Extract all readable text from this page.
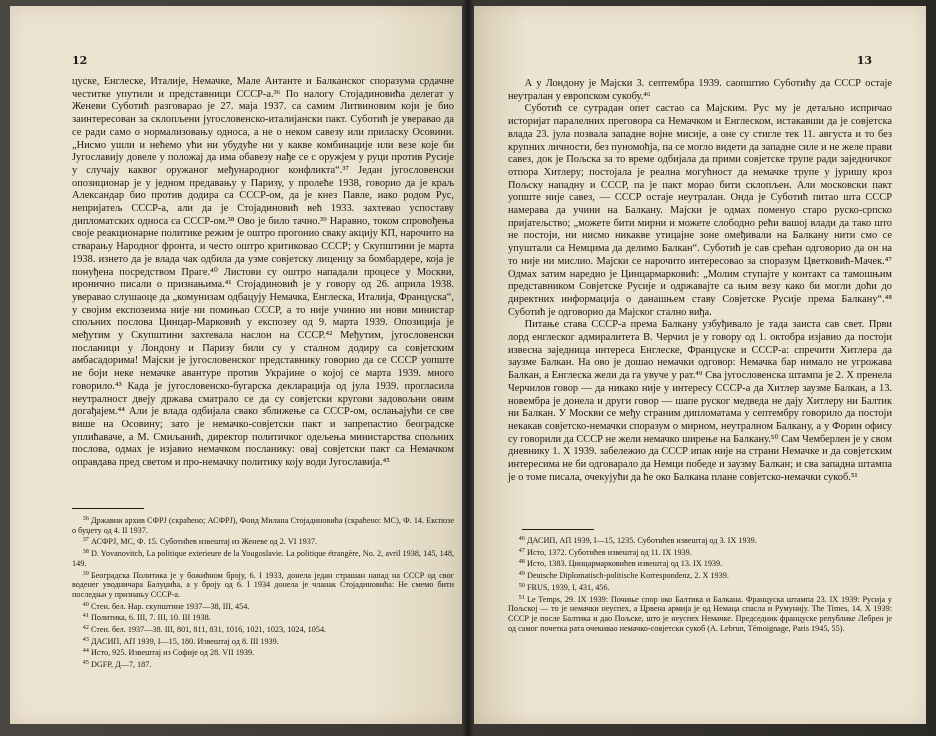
12

цуске, Енглеске, Италије, Немачке, Мале Антанте и Балканског споразума срдачне честитке упутили и представници СССР-а.³⁶ По налогу Стојадиновића делегат у Женеви Суботић разговарао је 27. маја 1937. са самим Литвиновим који је био заинтересован за склопљени југословенско-италијански пакт. Суботић је уверавао да се ради само о нормализовању односа, а не о неком савезу или приласку Осовини. „Нисмо ушли и нећемо ући ни убудуће ни у какве комбинације или везе које би Југославију довеле у положај да има обавезу нађе се с оружјем у руци против Русије у случају каквог оружаног међународног конфликта“.³⁷ Један југословенски опозиционар је у једном предавању у Паризу, у пролеће 1938, говорио да је краљ Александар био против додира са СССР-ом, да је кнез Павле, иако родом Рус, непријатељ СССР-а, али да је Стојадиновић већ 1933. захтевао успоставу дипломатских односа са СССР-ом.³⁸ Ово је било тачно.³⁹ Наравно, током спровођења своје реакционарне политике режим је оштро прогонио сваку акцију КП, нарочито на стварању Народног фронта, и често оштро критиковао СССР; у Скупштини је марта 1938. изнето да је влада чак одбила да узме совјетску лиценцу за бомбардере, која је понуђена посредством Праге.⁴⁰ Листови су оштро нападали процесе у Москви, иронично писали о признањима.⁴¹ Стојадиновић је у говору од 26. априла 1938. уверавао слушаоце да „комунизам одбацују Немачка, Енглеска, Италија, Француска“, у својим експозеима није ни помињао СССР, а то није учинио ни нови министар спољних послова Цинцар-Марковић у експозеу од 9. марта 1939. Опозиција је међутим у Скупштини захтевала наслон на СССР.⁴² Међутим, југословенски посланици у Лондону и Паризу били су у сталном додиру са совјетским амбасадорима! Мајски је југословенског представнику говорио да се СССР уопште не боји неке немачке авантуре против Украјине о којој се марта 1939. много говорило.⁴³ Када је југословенско-бугарска декларација од јула 1939. прогласила неутралност двеју држава сматрало се да су совјетски кругови задовољни овим догађајем.⁴⁴ Али је влада одбијала свако зближење са СССР-ом, ослањајући се све више на Осовину; зато је немачко-совјетски пакт и запрепастио београдске уплићаваче, а М. Смиљанић, директор политичког одељења министарства спољних послова, одмах је изјавио немачком посланику: овај совјетски пакт са Немачком оправдава пред светом и про-немачку политику коју води Југославија.⁴⁵

$^{36}$ Државни архив СФРЈ (скраћено; АСФРЈ), Фонд Милана Стојадиновића (скраћено: МС), Ф. 14. Експозе о буџету од 4. II 1937.
$^{37}$ АСФРЈ, МС, Ф. 15. Суботићев извештај из Женеве од 2. VI 1937.
$^{38}$ D. Yovanovitch, La politique exterieure de la Yougoslavie. La politique étrangère, No. 2, avril 1938, 145, 148, 149.
$^{39}$ Београдска Политика је у божићном броју, 6. I 1933, донела један страшан напад на СССР од свог воденег уводничара Балуџића, а у броју од 6. I 1934 донела је чланак Стојадиновића: Не смемо бити последњи у признању СССР-а.
$^{40}$ Стен. бел. Нар. скупштине 1937—38, III, 454.
$^{41}$ Политика, 6. III, 7. III, 10. III 1938.
$^{42}$ Стен. бел. 1937—38. III, 801, 811, 831, 1016, 1021, 1023, 1024, 1054.
$^{43}$ ДАСИП, АП 1939, I—15, 180. Извештај од 8. III 1939.
$^{44}$ Исто, 925. Извештај из Софије од 28. VII 1939.
$^{45}$ DGFP, Д—7, 187.
13

А у Лондону је Мајски 3. септембра 1939. саопштио Суботићу да СССР остаје неутралан у европском сукобу.⁴⁶

Суботић се сутрадан опет састао са Мајским. Рус му је детаљно испричао историјат паралелних преговора са Немачком и Енглеском, истакавши да је совјетска влада 23. јула позвала западне војне мисије, а оне су стигле тек 11. августа и то без крупних личности, без пуномоћја, па се могло видети да западне силе и не желе прави савез, док је Пољска за то време одбијала да прими совјетске трупе ради заједничког отпора Хитлеру; постојала је реална могућност да немачке трупе у јуришу кроз Пољску нападну и СССР, па је пакт морао бити склопљен. Али московски пакт уопште није савез, — СССР остаје неутралан. Онда је Суботић питао шта СССР намерава да учини на Балкану. Мајски је одмах поменуо старо руско-српско пријатељство; „можете бити мирни и можете слободно рећи вашој влади да тако што не постоји, ни нисмо никакве утицајне зоне омеђивали на Балкану нити смо се упуштали са Немцима да делимо Балкан“. Суботић је сав срећан одговорио да он на то није ни мислио. Мајски се нарочито интересовао за споразум Цветковић-Мачек.⁴⁷ Одмах затим наредио је Цинцармарковић: „Молим ступајте у контакт са тамошњим представником Совјетске Русије и одржавајте са њим везу како би могли доћи до директних информација о данашњем ставу Совјетске Русије према Балкану“.⁴⁸ Суботић је одговорио да Мајског стално виђа.

Питање става СССР-а према Балкану узбуђивало је тада заиста сав свет. Први лорд енглеског адмиралитета В. Черчил је у говору од 1. октобра изјавио да постоји извесна заједница интереса Енглеске, Француске и СССР-а: спречити Хитлера да заузме Балкан. На ово је дошао немачки одговор: Немачка бар нимало не угрожава Балкан, а Енглеска жели да га увуче у рат.⁴⁹ Сва југословенска штампа је 2. X пренела Черчилов говор — да никако није у интересу СССР-а да Хитлер заузме Балкан, а 13. новембра је донела и други говор — шапе руског медведа не дају Хитлеру ни Балтик ни Балкан. У Москви се међу страним дипломатама у септембру говорило да постоји некакав совјетско-немачки споразум о мирном, неутралном Балкану, а у Форин офису су говорили да СССР не жели немачко ширење на Балкану.⁵⁰ Сам Чемберлен је у свом дневнику 1. X 1939. забележио да СССР ипак није на страни Немачке и да совјетским интересима не би одговарало да Немци победе и заузму Балкан; и сва западна штампа је о томе писала, очекујући да ће око Балкана плане совјетско-немачки сукоб.⁵¹

$^{46}$ ДАСИП, АП 1939, I—15, 1235. Суботићев извештај од 3. IX 1939.
$^{47}$ Исто, 1372. Суботићев извештај од 11. IX 1939.
$^{48}$ Исто, 1383. Цинцармарковићев извештај од 13. IX 1939.
$^{49}$ Deutsche Diplomatisch-politische Korrespondenz, 2. X 1939.
$^{50}$ FRUS, 1939, I, 431, 456.
$^{51}$ Le Temps, 29. IX 1939: Почиње спор око Балтика и Балкана. Француска штампа 23. IX 1939: Русија у Пољској — то је немачки неуспех, а Црвена армија је од Немаца спасла и Румунију. The Times, 14. X 1939: СССР је после Балтика и дао Пољске, што је неуспех Немачке. Председник француске републике Лебрен је од самог почетка рата очекивао немачко-совјетски сукоб (A. Lebrun, Témoignage, Paris 1945, 55).
